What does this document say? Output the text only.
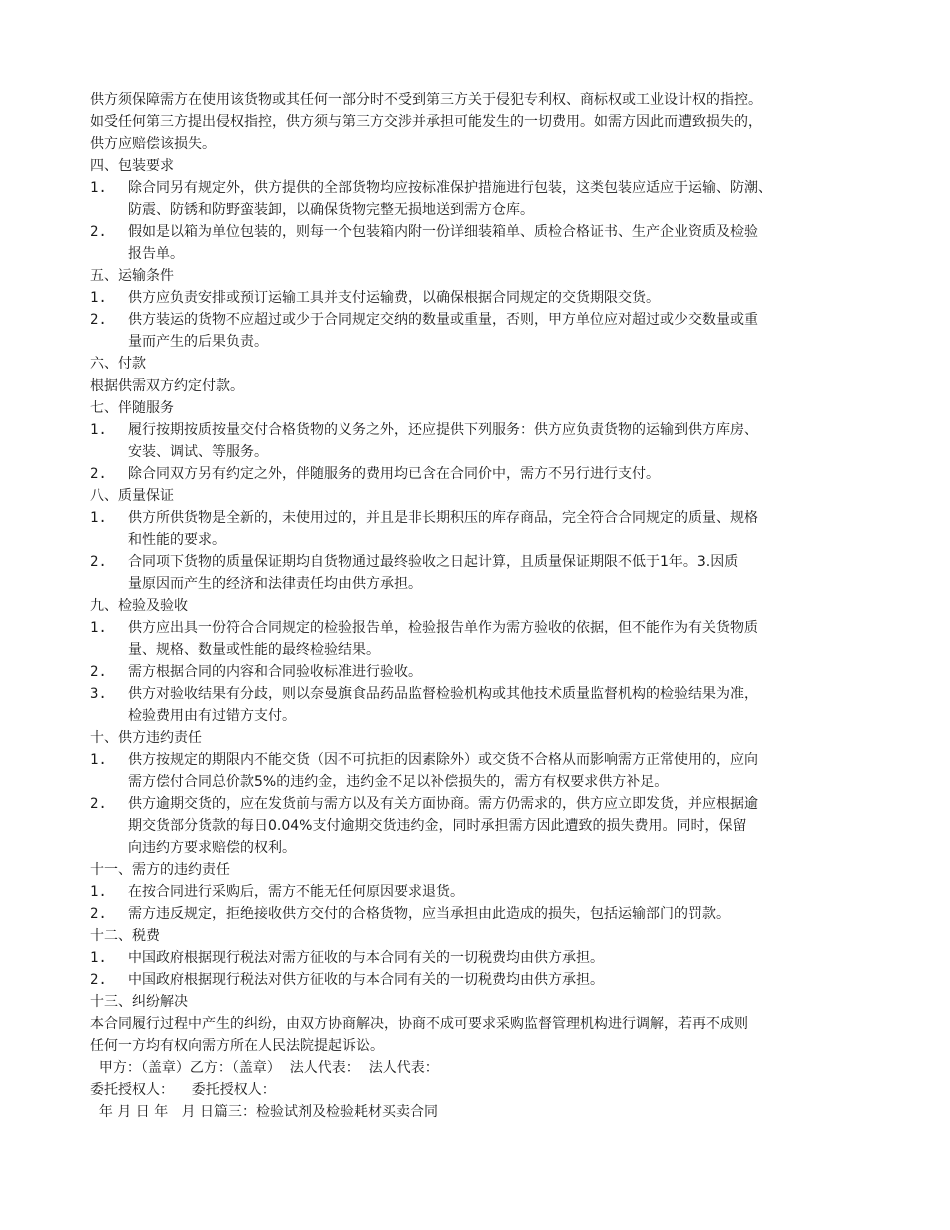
供方须保障需方在使用该货物或其任何一部分时不受到第三方关于侵犯专利权、商标权或工业设计权的指控。

如受任何第三方提出侵权指控，供方须与第三方交涉并承担可能发生的一切费用。如需方因此而遭致损失的，

供方应赔偿该损失。

四、包装要求

1.	除合同另有规定外，供方提供的全部货物均应按标准保护措施进行包装，这类包装应适应于运输、防潮、
防震、防锈和防野蛮装卸，以确保货物完整无损地送到需方仓库。
2.	假如是以箱为单位包装的，则每一个包装箱内附一份详细装箱单、质检合格证书、生产企业资质及检验
报告单。

五、运输条件

1.	供方应负责安排或预订运输工具并支付运输费，以确保根据合同规定的交货期限交货。
2.	供方装运的货物不应超过或少于合同规定交纳的数量或重量，否则，甲方单位应对超过或少交数量或重
量而产生的后果负责。

六、付款

根据供需双方约定付款。

七、伴随服务

1.	履行按期按质按量交付合格货物的义务之外，还应提供下列服务：供方应负责货物的运输到供方库房、
安装、调试、等服务。
2.	除合同双方另有约定之外，伴随服务的费用均已含在合同价中，需方不另行进行支付。

八、质量保证

1.	供方所供货物是全新的，未使用过的，并且是非长期积压的库存商品，完全符合合同规定的质量、规格
和性能的要求。
2.	合同项下货物的质量保证期均自货物通过最终验收之日起计算，且质量保证期限不低于1年。3.因质
量原因而产生的经济和法律责任均由供方承担。

九、检验及验收

1.	供方应出具一份符合合同规定的检验报告单，检验报告单作为需方验收的依据，但不能作为有关货物质
量、规格、数量或性能的最终检验结果。
2.	需方根据合同的内容和合同验收标准进行验收。
3.	供方对验收结果有分歧，则以奈曼旗食品药品监督检验机构或其他技术质量监督机构的检验结果为准，
检验费用由有过错方支付。

十、供方违约责任

1.	供方按规定的期限内不能交货（因不可抗拒的因素除外）或交货不合格从而影响需方正常使用的，应向
需方偿付合同总价款5%的违约金，违约金不足以补偿损失的，需方有权要求供方补足。
2.	供方逾期交货的，应在发货前与需方以及有关方面协商。需方仍需求的，供方应立即发货，并应根据逾
期交货部分货款的每日0.04%支付逾期交货违约金，同时承担需方因此遭致的损失费用。同时，保留
向违约方要求赔偿的权利。

十一、需方的违约责任

1.	在按合同进行采购后，需方不能无任何原因要求退货。
2.	需方违反规定，拒绝接收供方交付的合格货物，应当承担由此造成的损失，包括运输部门的罚款。

十二、税费

1.	中国政府根据现行税法对需方征收的与本合同有关的一切税费均由供方承担。
2.	中国政府根据现行税法对供方征收的与本合同有关的一切税费均由供方承担。

十三、纠纷解决

本合同履行过程中产生的纠纷，由双方协商解决，协商不成可要求采购监督管理机构进行调解，若再不成则
任何一方均有权向需方所在人民法院提起诉讼。

甲方：（盖章）乙方：（盖章）  法人代表：  法人代表：

委托授权人：    委托授权人：

年 月 日 年   月 日篇三：检验试剂及检验耗材买卖合同
